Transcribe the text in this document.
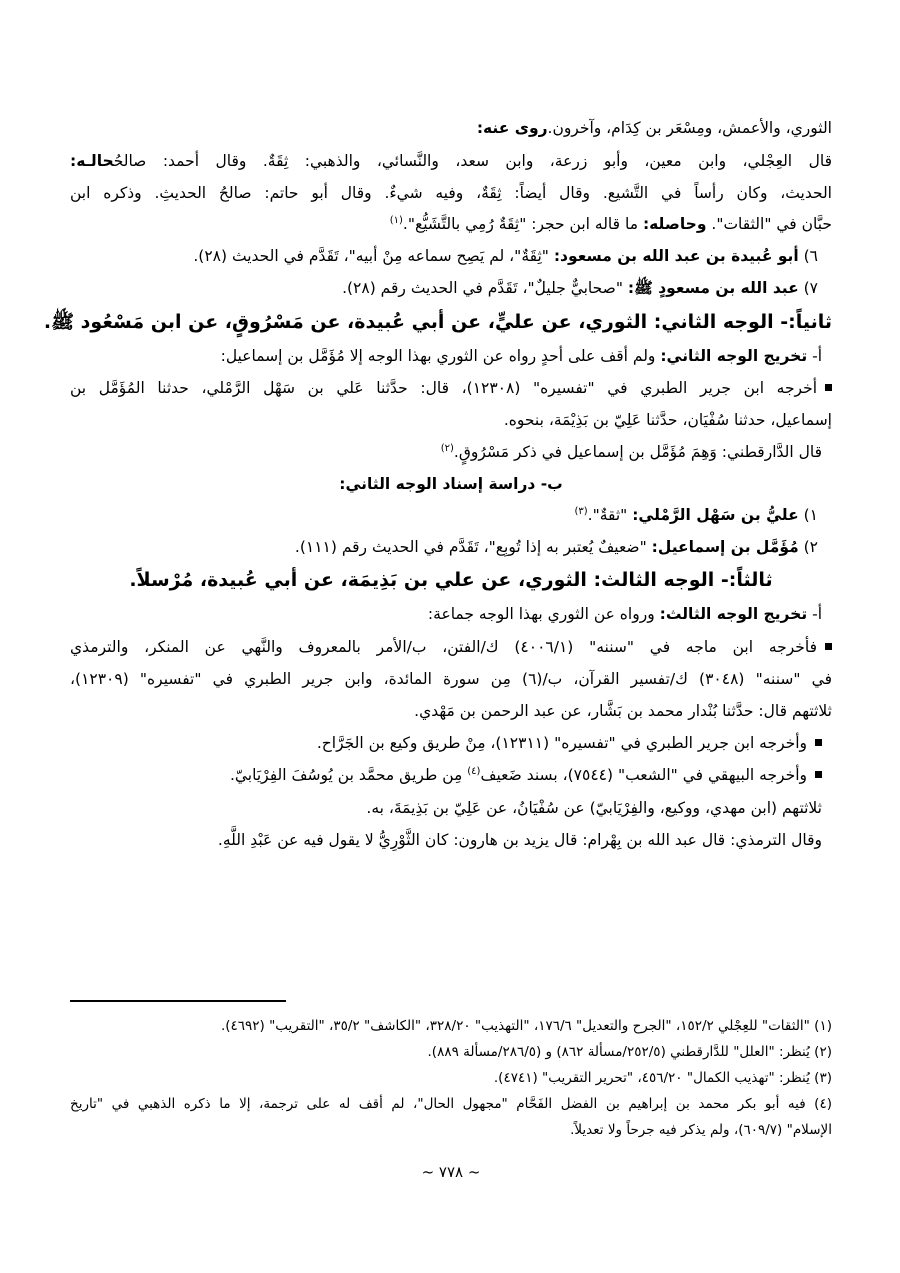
~ ٧٧٨ ~
الثوري، والأعمش، ومِسْعَر بن كِدَام، وآخرون.روى عنه:
قال العِجْلي، وابن معين، وأبو زرعة، وابن سعد، والنَّسائي، والذهبي: ثِقَةٌ. وقال أحمد: صالحُحالـه:
الحديث، وكان رأساً في التَّشيع. وقال أيضاً: ثِقَةٌ، وفيه شيءٌ. وقال أبو حاتم: صالحُ الحديثِ. وذكره ابن
حبَّان في "الثقات". وحاصله: ما قاله ابن حجر: "ثِقَةٌ رُمِي بالتَّشَيُّع".$^{(١)}$
٦) أبو عُبيدة بن عبد الله بن مسعود: "ثِقَةٌ"، لم يَصِح سماعه مِنْ أبيه"، تَقَدَّم في الحديث (٢٨).
٧) عبد الله بن مسعودٍ ﷺ: "صحابيٌّ جليلٌ"، تَقَدَّم في الحديث رقم (٢٨).
ثانياً:- الوجه الثاني: الثوري، عن عليٍّ، عن أبي عُبيدة، عن مَسْرُوقٍ، عن ابن مَسْعُود ﷺ.
أ- تخريج الوجه الثاني: ولم أقف على أحدٍ رواه عن الثوري بهذا الوجه إلا مُؤَمَّل بن إسماعيل:
أخرجه ابن جرير الطبري في "تفسيره" (١٢٣٠٨)، قال: حدَّثنا عَلي بن سَهْل الرَّمْلي، حدثنا المُؤَمَّل بن
إسماعيل، حدثنا سُفْيَان، حدَّثنا عَلِيّ بن بَذِيْمَة، بنحوه.
قال الدَّارقطني: وَهِمَ مُؤَمَّل بن إسماعيل في ذكر مَسْرُوقٍ.$^{(٢)}$
ب- دراسة إسناد الوجه الثاني:
١) عليُّ بن سَهْل الرَّمْلي: "ثقةٌ".$^{(٣)}$
٢) مُؤَمَّل بن إسماعيل: "ضعيفٌ يُعتبر به إذا تُوبِع"، تَقَدَّم في الحديث رقم (١١١).
ثالثاً:- الوجه الثالث: الثوري، عن علي بن بَذِيمَة، عن أبي عُبيدة، مُرْسلاً.
أ- تخريج الوجه الثالث: ورواه عن الثوري بهذا الوجه جماعة:
فأخرجه ابن ماجه في "سننه" (٤٠٠٦/١) ك/الفتن، ب/الأمر بالمعروف والنَّهي عن المنكر، والترمذي
في "سننه" (٣٠٤٨) ك/تفسير القرآن، ب/(٦) مِن سورة المائدة، وابن جرير الطبري في "تفسيره" (١٢٣٠٩)،
ثلاثتهم قال: حدَّثنا بُنْدار محمد بن بَشَّار، عن عبد الرحمن بن مَهْدي.
وأخرجه ابن جرير الطبري في "تفسيره" (١٢٣١١)، مِنْ طريق وكيع بن الجَرَّاح.
وأخرجه البيهقي في "الشعب" (٧٥٤٤)، بسند ضَعيف$^{(٤)}$ مِن طريق محمَّد بن يُوسُفَ الفِرْيَابيّ.
ثلاثتهم (ابن مهدي، ووكيع، والفِرْيَابيّ) عن سُفْيَانُ، عن عَلِيّ بن بَذِيمَةَ، به.
وقال الترمذي: قال عبد الله بن بِهْرام: قال يزيد بن هارون: كان الثَّوْرِيُّ لا يقول فيه عن عَبْدِ اللَّهِ.
(١) "الثقات" للعِجْلي ١٥٢/٢، "الجرح والتعديل" ١٧٦/٦، "التهذيب" ٣٢٨/٢٠، "الكاشف" ٣٥/٢، "التقريب" (٤٦٩٢).
(٢) يُنظر: "العلل" للدَّارقطني (٢٥٢/٥/مسألة ٨٦٢) و (٢٨٦/٥/مسألة ٨٨٩).
(٣) يُنظر: "تهذيب الكمال" ٤٥٦/٢٠، "تحرير التقريب" (٤٧٤١).
(٤) فيه أبو بكر محمد بن إبراهيم بن الفضل الفَحَّام "مجهول الحال"، لم أقف له على ترجمة، إلا ما ذكره الذهبي في "تاريخ
الإسلام" (٦٠٩/٧)، ولم يذكر فيه جرحاً ولا تعديلاً.
